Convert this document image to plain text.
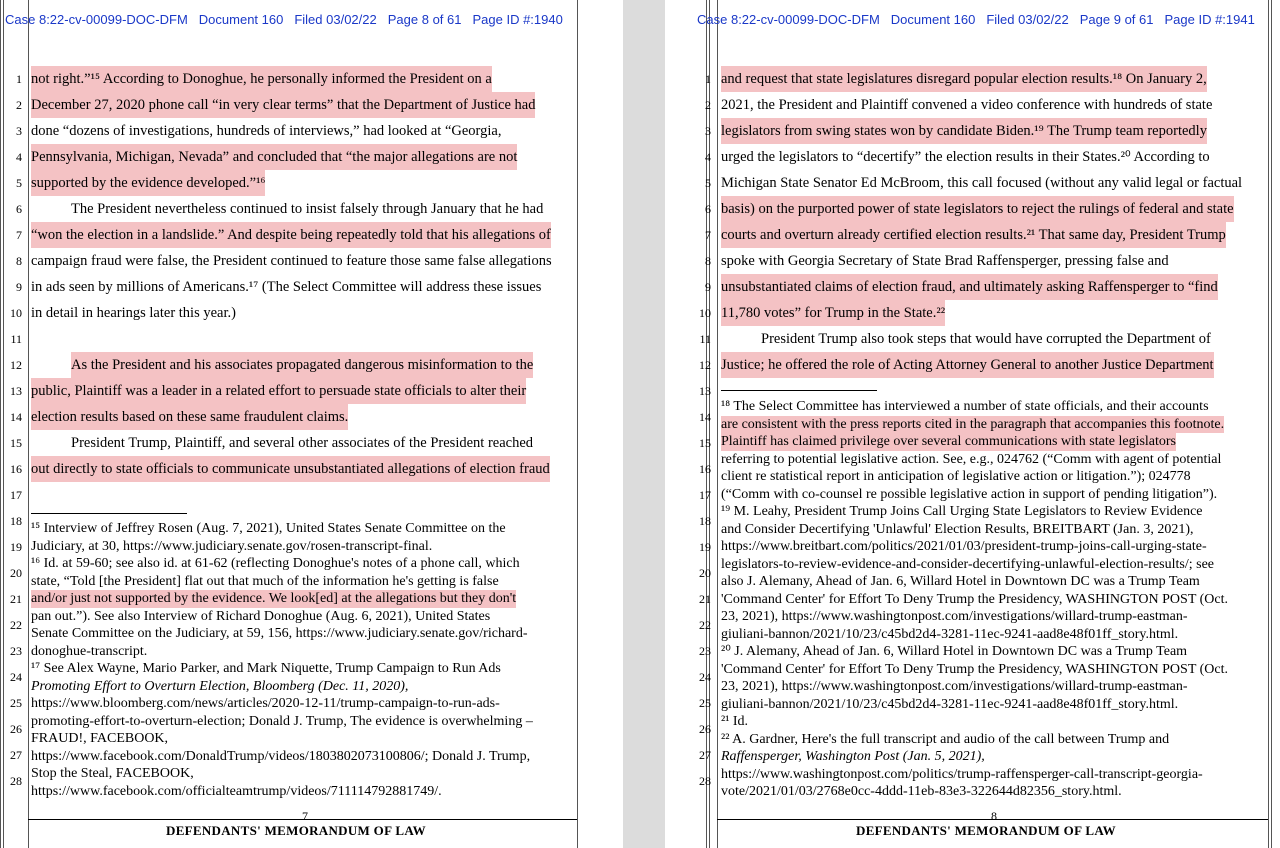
Case 8:22-cv-00099-DOC-DFM Document 160 Filed 03/02/22 Page 8 of 61 Page ID #:1940
1
2
3
4
5
6
7
8
9
10
11
12
13
14
15
16
17
18
19
20
21
22
23
24
25
26
27
28
not right.”¹⁵ According to Donoghue, he personally informed the President on a
December 27, 2020 phone call “in very clear terms” that the Department of Justice had
done “dozens of investigations, hundreds of interviews,” had looked at “Georgia,
Pennsylvania, Michigan, Nevada” and concluded that “the major allegations are not
supported by the evidence developed.”¹⁶
The President nevertheless continued to insist falsely through January that he had
“won the election in a landslide.” And despite being repeatedly told that his allegations of
campaign fraud were false, the President continued to feature those same false allegations
in ads seen by millions of Americans.¹⁷ (The Select Committee will address these issues
in detail in hearings later this year.)
As the President and his associates propagated dangerous misinformation to the
public, Plaintiff was a leader in a related effort to persuade state officials to alter their
election results based on these same fraudulent claims.
President Trump, Plaintiff, and several other associates of the President reached
out directly to state officials to communicate unsubstantiated allegations of election fraud
¹⁵ Interview of Jeffrey Rosen (Aug. 7, 2021), United States Senate Committee on the
Judiciary, at 30, https://www.judiciary.senate.gov/rosen-transcript-final.
¹⁶ Id. at 59-60; see also id. at 61-62 (reflecting Donoghue's notes of a phone call, which
state, “Told [the President] flat out that much of the information he's getting is false
and/or just not supported by the evidence. We look[ed] at the allegations but they don't
pan out.”). See also Interview of Richard Donoghue (Aug. 6, 2021), United States
Senate Committee on the Judiciary, at 59, 156, https://www.judiciary.senate.gov/richard-
donoghue-transcript.
¹⁷ See Alex Wayne, Mario Parker, and Mark Niquette, Trump Campaign to Run Ads
Promoting Effort to Overturn Election, Bloomberg (Dec. 11, 2020),
https://www.bloomberg.com/news/articles/2020-12-11/trump-campaign-to-run-ads-
promoting-effort-to-overturn-election; Donald J. Trump, The evidence is overwhelming –
FRAUD!, FACEBOOK,
https://www.facebook.com/DonaldTrump/videos/1803802073100806/; Donald J. Trump,
Stop the Steal, FACEBOOK,
https://www.facebook.com/officialteamtrump/videos/711114792881749/.
7
DEFENDANTS' MEMORANDUM OF LAW
Case 8:22-cv-00099-DOC-DFM Document 160 Filed 03/02/22 Page 9 of 61 Page ID #:1941
1
2
3
4
5
6
7
8
9
10
11
12
13
14
15
16
17
18
19
20
21
22
23
24
25
26
27
28
and request that state legislatures disregard popular election results.¹⁸ On January 2,
2021, the President and Plaintiff convened a video conference with hundreds of state
legislators from swing states won by candidate Biden.¹⁹ The Trump team reportedly
urged the legislators to “decertify” the election results in their States.²⁰ According to
Michigan State Senator Ed McBroom, this call focused (without any valid legal or factual
basis) on the purported power of state legislators to reject the rulings of federal and state
courts and overturn already certified election results.²¹ That same day, President Trump
spoke with Georgia Secretary of State Brad Raffensperger, pressing false and
unsubstantiated claims of election fraud, and ultimately asking Raffensperger to “find
11,780 votes” for Trump in the State.²²
President Trump also took steps that would have corrupted the Department of
Justice; he offered the role of Acting Attorney General to another Justice Department
¹⁸ The Select Committee has interviewed a number of state officials, and their accounts
are consistent with the press reports cited in the paragraph that accompanies this footnote.
Plaintiff has claimed privilege over several communications with state legislators
referring to potential legislative action. See, e.g., 024762 (“Comm with agent of potential
client re statistical report in anticipation of legislative action or litigation.”); 024778
(“Comm with co-counsel re possible legislative action in support of pending litigation”).
¹⁹ M. Leahy, President Trump Joins Call Urging State Legislators to Review Evidence
and Consider Decertifying 'Unlawful' Election Results, BREITBART (Jan. 3, 2021),
https://www.breitbart.com/politics/2021/01/03/president-trump-joins-call-urging-state-
legislators-to-review-evidence-and-consider-decertifying-unlawful-election-results/; see
also J. Alemany, Ahead of Jan. 6, Willard Hotel in Downtown DC was a Trump Team
'Command Center' for Effort To Deny Trump the Presidency, WASHINGTON POST (Oct.
23, 2021), https://www.washingtonpost.com/investigations/willard-trump-eastman-
giuliani-bannon/2021/10/23/c45bd2d4-3281-11ec-9241-aad8e48f01ff_story.html.
²⁰ J. Alemany, Ahead of Jan. 6, Willard Hotel in Downtown DC was a Trump Team
'Command Center' for Effort To Deny Trump the Presidency, WASHINGTON POST (Oct.
23, 2021), https://www.washingtonpost.com/investigations/willard-trump-eastman-
giuliani-bannon/2021/10/23/c45bd2d4-3281-11ec-9241-aad8e48f01ff_story.html.
²¹ Id.
²² A. Gardner, Here's the full transcript and audio of the call between Trump and
Raffensperger, Washington Post (Jan. 5, 2021),
https://www.washingtonpost.com/politics/trump-raffensperger-call-transcript-georgia-
vote/2021/01/03/2768e0cc-4ddd-11eb-83e3-322644d82356_story.html.
8
DEFENDANTS' MEMORANDUM OF LAW
